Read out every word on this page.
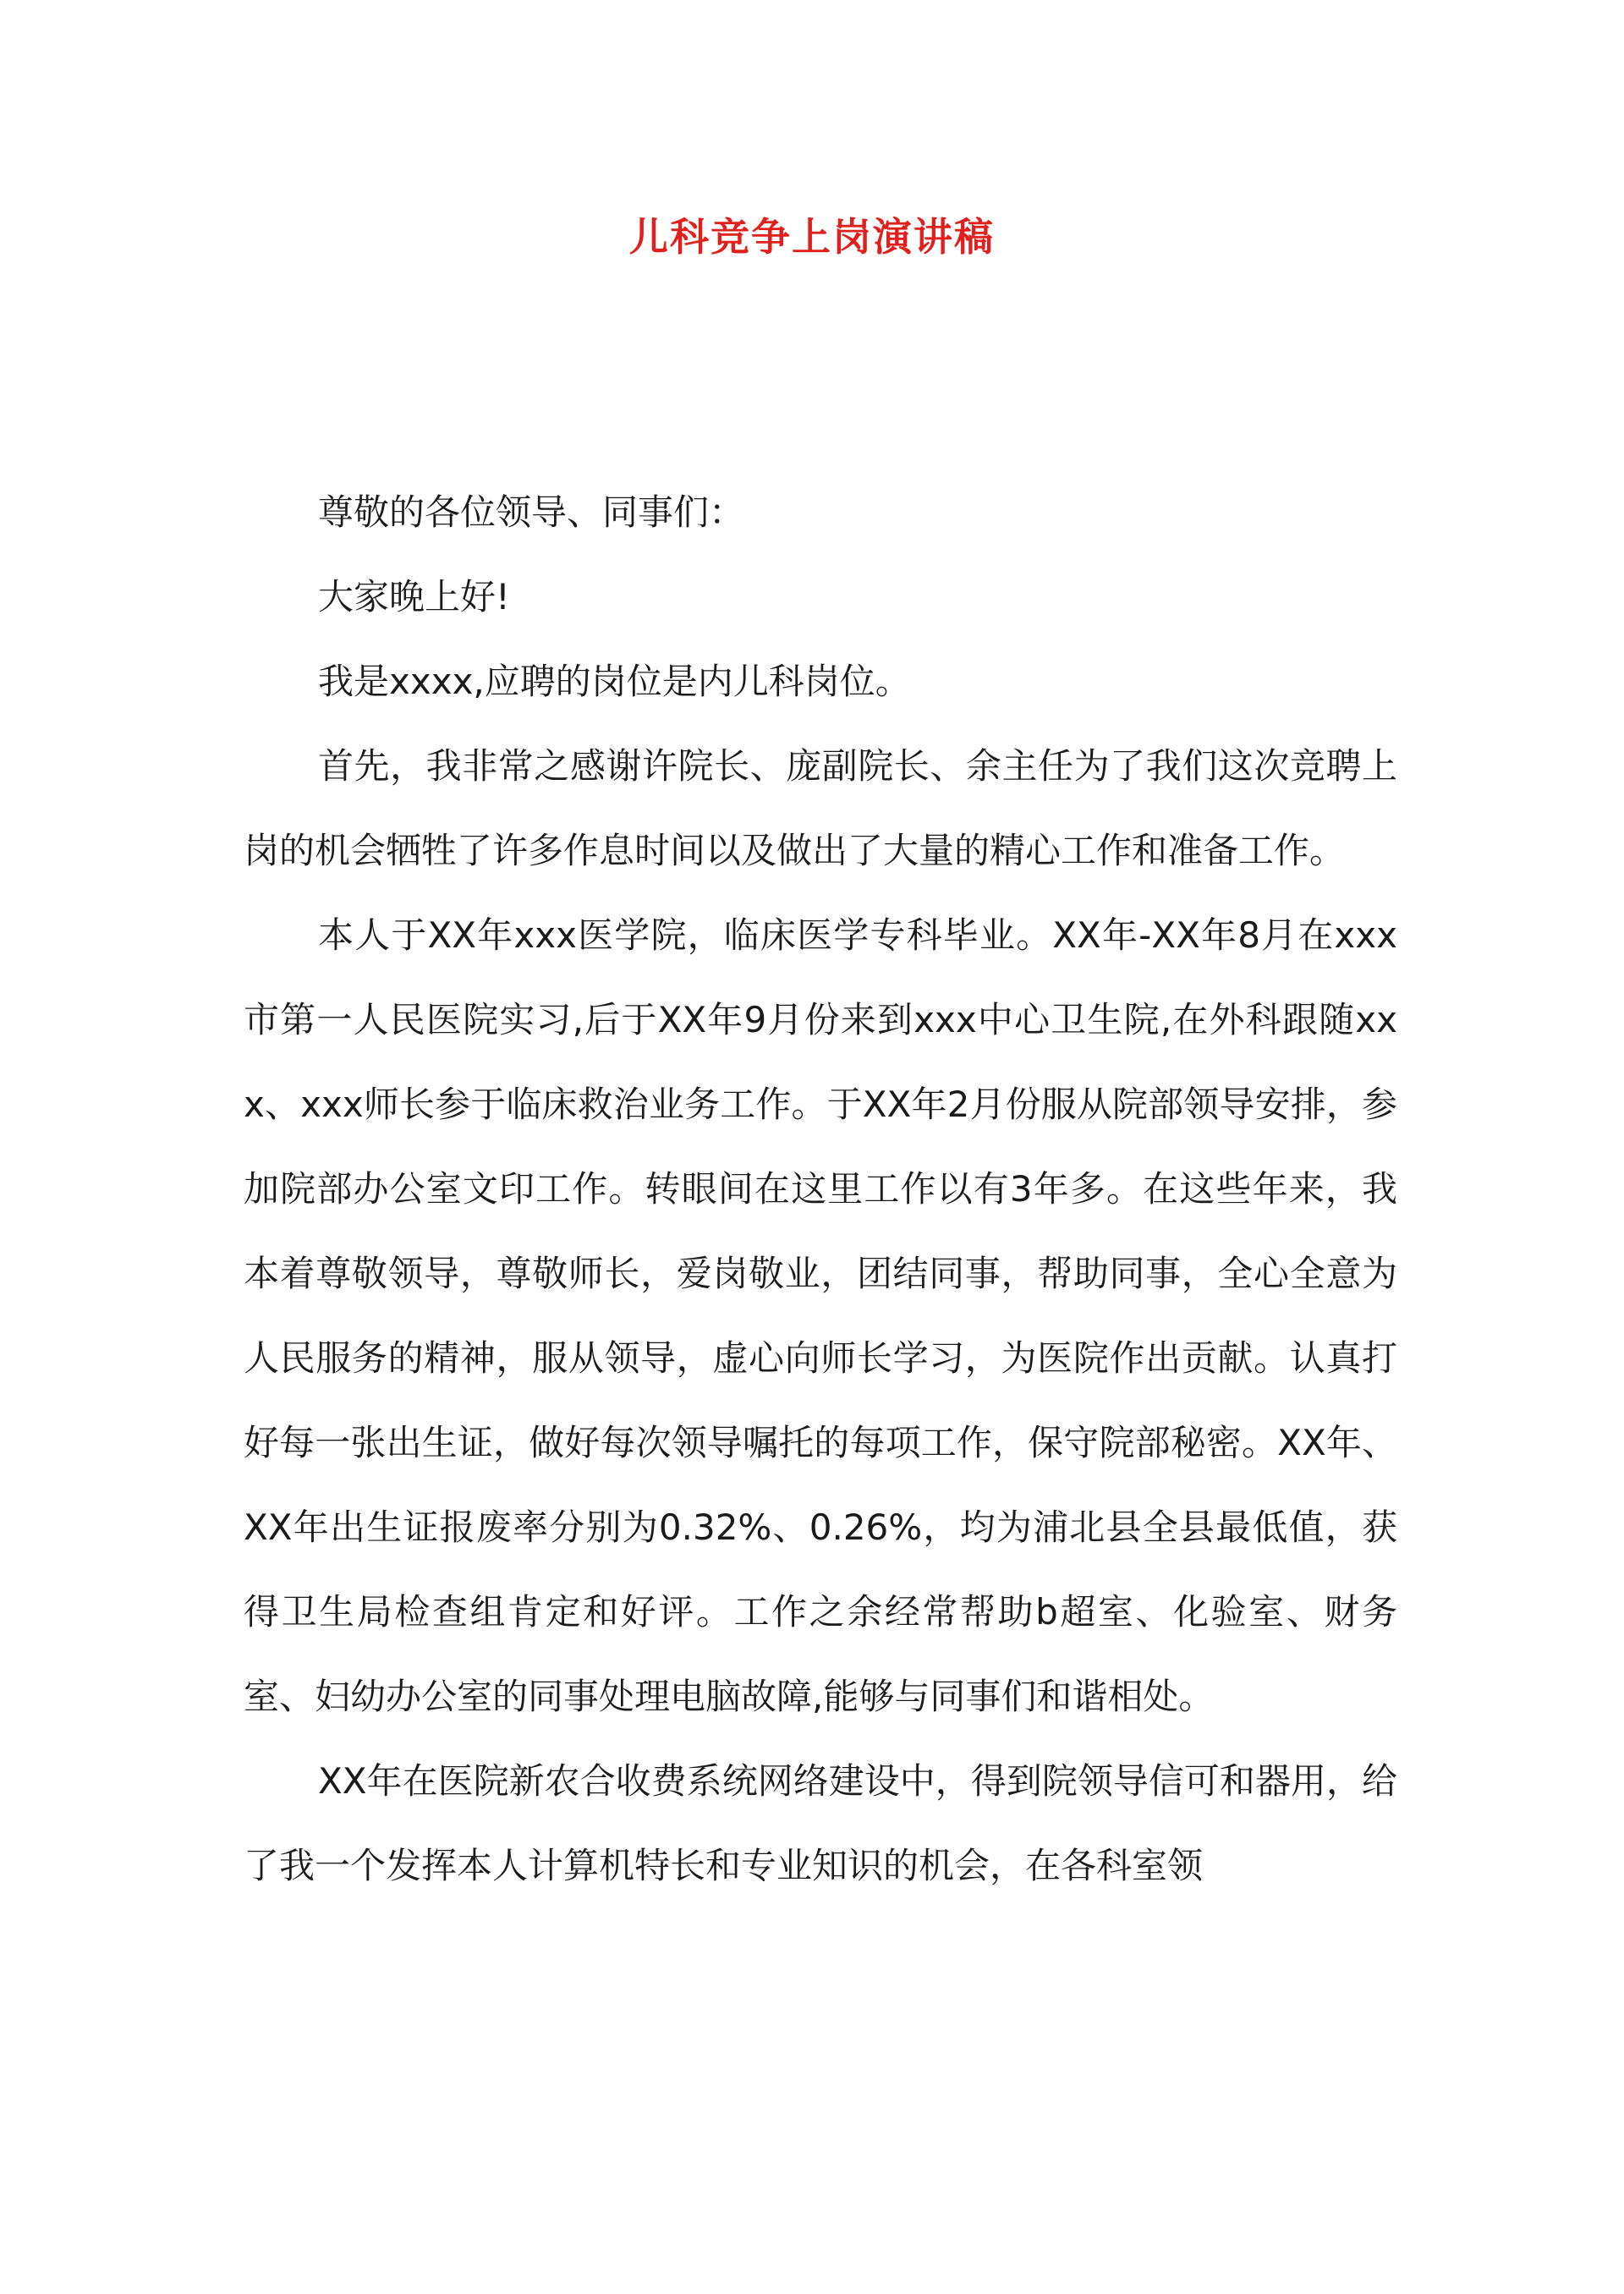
儿科竞争上岗演讲稿

尊敬的各位领导、同事们：

大家晚上好!

我是xxxx,应聘的岗位是内儿科岗位。

首先，我非常之感谢许院长、庞副院长、余主任为了我们这次竞聘上岗的机会牺牲了许多作息时间以及做出了大量的精心工作和准备工作。

本人于XX年xxx医学院，临床医学专科毕业。XX年-XX年8月在xxx市第一人民医院实习,后于XX年9月份来到xxx中心卫生院,在外科跟随xxx、xxx师长参于临床救治业务工作。于XX年2月份服从院部领导安排，参加院部办公室文印工作。转眼间在这里工作以有3年多。在这些年来，我本着尊敬领导，尊敬师长，爱岗敬业，团结同事，帮助同事，全心全意为人民服务的精神，服从领导，虚心向师长学习，为医院作出贡献。认真打好每一张出生证，做好每次领导嘱托的每项工作，保守院部秘密。XX年、XX年出生证报废率分别为0.32%、0.26%，均为浦北县全县最低值，获得卫生局检查组肯定和好评。工作之余经常帮助b超室、化验室、财务室、妇幼办公室的同事处理电脑故障,能够与同事们和谐相处。

XX年在医院新农合收费系统网络建设中，得到院领导信可和器用，给了我一个发挥本人计算机特长和专业知识的机会，在各科室领
